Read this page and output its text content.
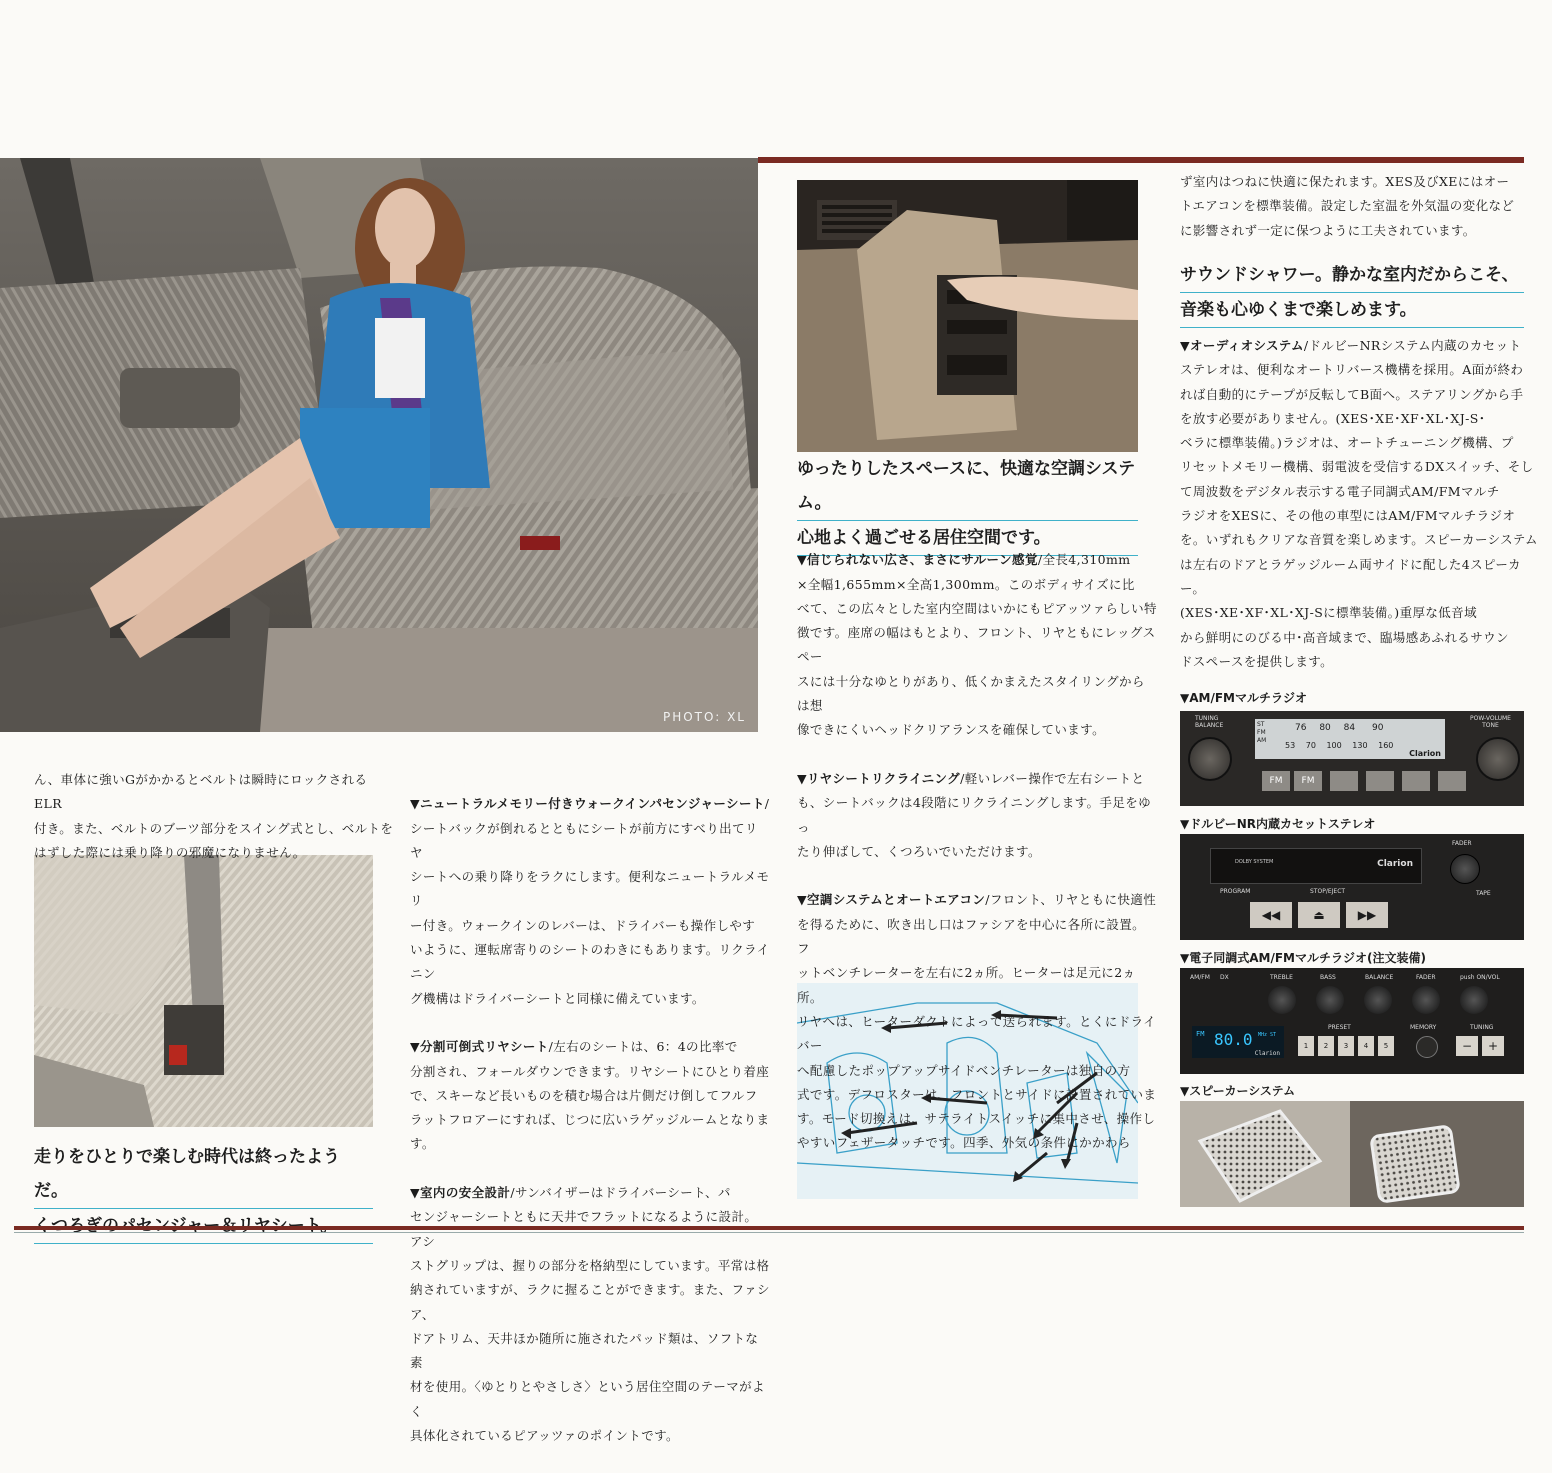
PHOTO: XL	TUNING
BALANCE
POW-VOLUME
TONE
ST
FM
AM
76 80 84 90
53 70 100 130 160
Clarion
FM	FM
DOLBY SYSTEM	Clarion
FADER
PROGRAM	STOP/EJECT	TAPE
◀◀	⏏	▶▶
AM/FM DX	TREBLE	BASS	BALANCE	FADER	push ON/VOL
FM 80.0 MHz ST
Clarion
PRESET	MEMORY	TUNING
1 2 3 4 5	−	+
ん、車体に強いGがかかるとベルトは瞬時にロックされるELR
付き。また、ベルトのブーツ部分をスイング式とし、ベルトを
はずした際には乗り降りの邪魔になりません。
走りをひとりで楽しむ時代は終ったようだ。

▼ニュートラルメモリー付きウォークインパセンジャーシート/
シートバックが倒れるとともにシートが前方にすべり出てリヤ
シートへの乗り降りをラクにします。便利なニュートラルメモリ
ー付き。ウォークインのレバーは、ドライバーも操作しやす
いように、運転席寄りのシートのわきにもあります。リクライニン
グ機構はドライバーシートと同様に備えています。

▼分割可倒式リヤシート/左右のシートは、6：4の比率で
分割され、フォールダウンできます。リヤシートにひとり着座
で、スキーなど長いものを積む場合は片側だけ倒してフルフ
ラットフロアーにすれば、じつに広いラゲッジルームとなります。

▼室内の安全設計/サンバイザーはドライバーシート、パ
センジャーシートともに天井でフラットになるように設計。アシ
ストグリップは、握りの部分を格納型にしています。平常は格
納されていますが、ラクに握ることができます。また、ファシア、
ドアトリム、天井ほか随所に施されたパッド類は、ソフトな素
材を使用。〈ゆとりとやさしさ〉という居住空間のテーマがよく
具体化されているピアッツァのポイントです。

ゆったりしたスペースに、快適な空調システム。
心地よく過ごせる居住空間です。

▼信じられない広さ、まさにサルーン感覚/全長4,310mm
×全幅1,655mm×全高1,300mm。このボディサイズに比
べて、この広々とした室内空間はいかにもピアッツァらしい特
徴です。座席の幅はもとより、フロント、リヤともにレッグスペー
スには十分なゆとりがあり、低くかまえたスタイリングからは想
像できにくいヘッドクリアランスを確保しています。

▼リヤシートリクライニング/軽いレバー操作で左右シートと
も、シートバックは4段階にリクライニングします。手足をゆっ
たり伸ばして、くつろいでいただけます。

▼空調システムとオートエアコン/フロント、リヤともに快適性
を得るために、吹き出し口はファシアを中心に各所に設置。フ
ットベンチレーターを左右に2ヵ所。ヒーターは足元に2ヵ所。
リヤへは、ヒーターダクトによって送られます。とくにドライバー
へ配慮したポップアップサイドベンチレーターは独自の方
式です。デフロスターは、フロントとサイドに設置されていま
す。モード切換えは、サテライトスイッチに集中させ、操作し
やすいフェザータッチです。四季、外気の条件にかかわら

ず室内はつねに快適に保たれます。XES及びXEにはオー
トエアコンを標準装備。設定した室温を外気温の変化など
に影響されず一定に保つように工夫されています。
サウンドシャワー。静かな室内だからこそ、
音楽も心ゆくまで楽しめます。
▼オーディオシステム/ドルビーNRシステム内蔵のカセット
ステレオは、便利なオートリバース機構を採用。A面が終わ
れば自動的にテープが反転してB面へ。ステアリングから手
を放す必要がありません。(XES･XE･XF･XL･XJ-S･
ベラに標準装備。)ラジオは、オートチューニング機構、プ
リセットメモリー機構、弱電波を受信するDXスイッチ、そし
て周波数をデジタル表示する電子同調式AM/FMマルチ
ラジオをXESに、その他の車型にはAM/FMマルチラジオ
を。いずれもクリアな音質を楽しめます。スピーカーシステム
は左右のドアとラゲッジルーム両サイドに配した4スピーカー。
(XES･XE･XF･XL･XJ-Sに標準装備。)重厚な低音域
から鮮明にのびる中･高音域まで、臨場感あふれるサウン
ドスペースを提供します。
▼AM/FMマルチラジオ
▼ドルビーNR内蔵カセットステレオ
▼電子同調式AM/FMマルチラジオ(注文装備)
▼スピーカーシステム
